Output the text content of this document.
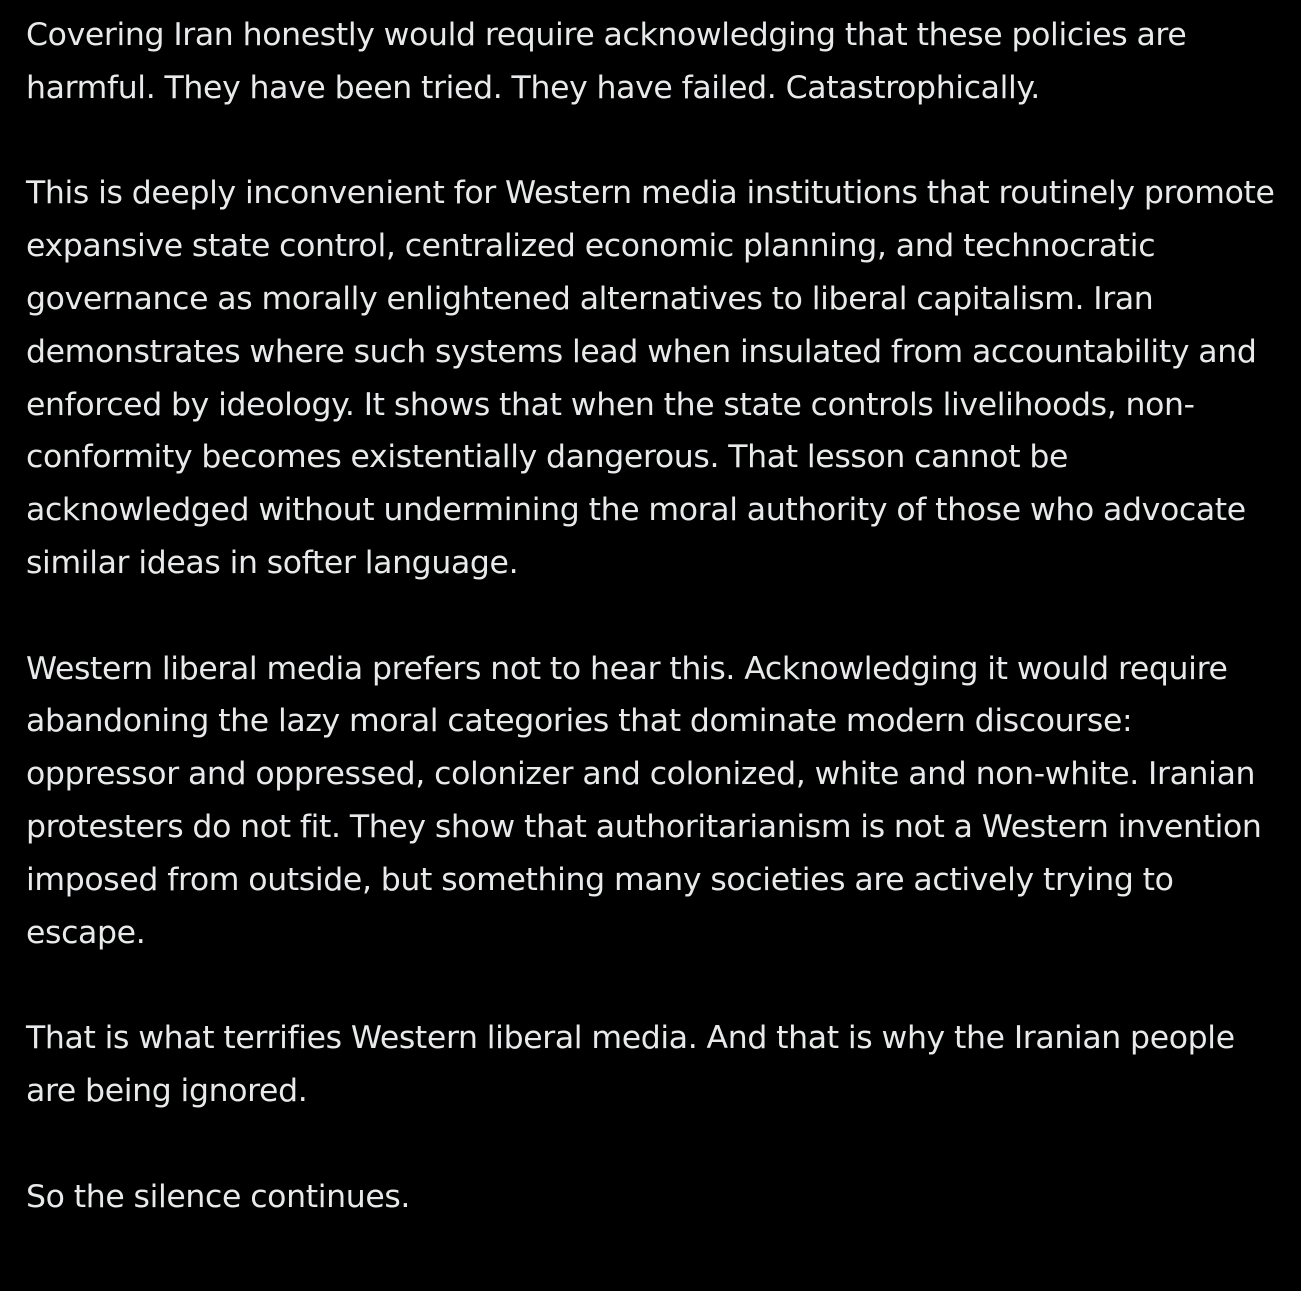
Covering Iran honestly would require acknowledging that these policies are harmful. They have been tried. They have failed. Catastrophically.

This is deeply inconvenient for Western media institutions that routinely promote expansive state control, centralized economic planning, and technocratic governance as morally enlightened alternatives to liberal capitalism. Iran demonstrates where such systems lead when insulated from accountability and enforced by ideology. It shows that when the state controls livelihoods, non-conformity becomes existentially dangerous. That lesson cannot be acknowledged without undermining the moral authority of those who advocate similar ideas in softer language.

Western liberal media prefers not to hear this. Acknowledging it would require abandoning the lazy moral categories that dominate modern discourse: oppressor and oppressed, colonizer and colonized, white and non-white. Iranian protesters do not fit. They show that authoritarianism is not a Western invention imposed from outside, but something many societies are actively trying to escape.

That is what terrifies Western liberal media. And that is why the Iranian people are being ignored.

So the silence continues.
